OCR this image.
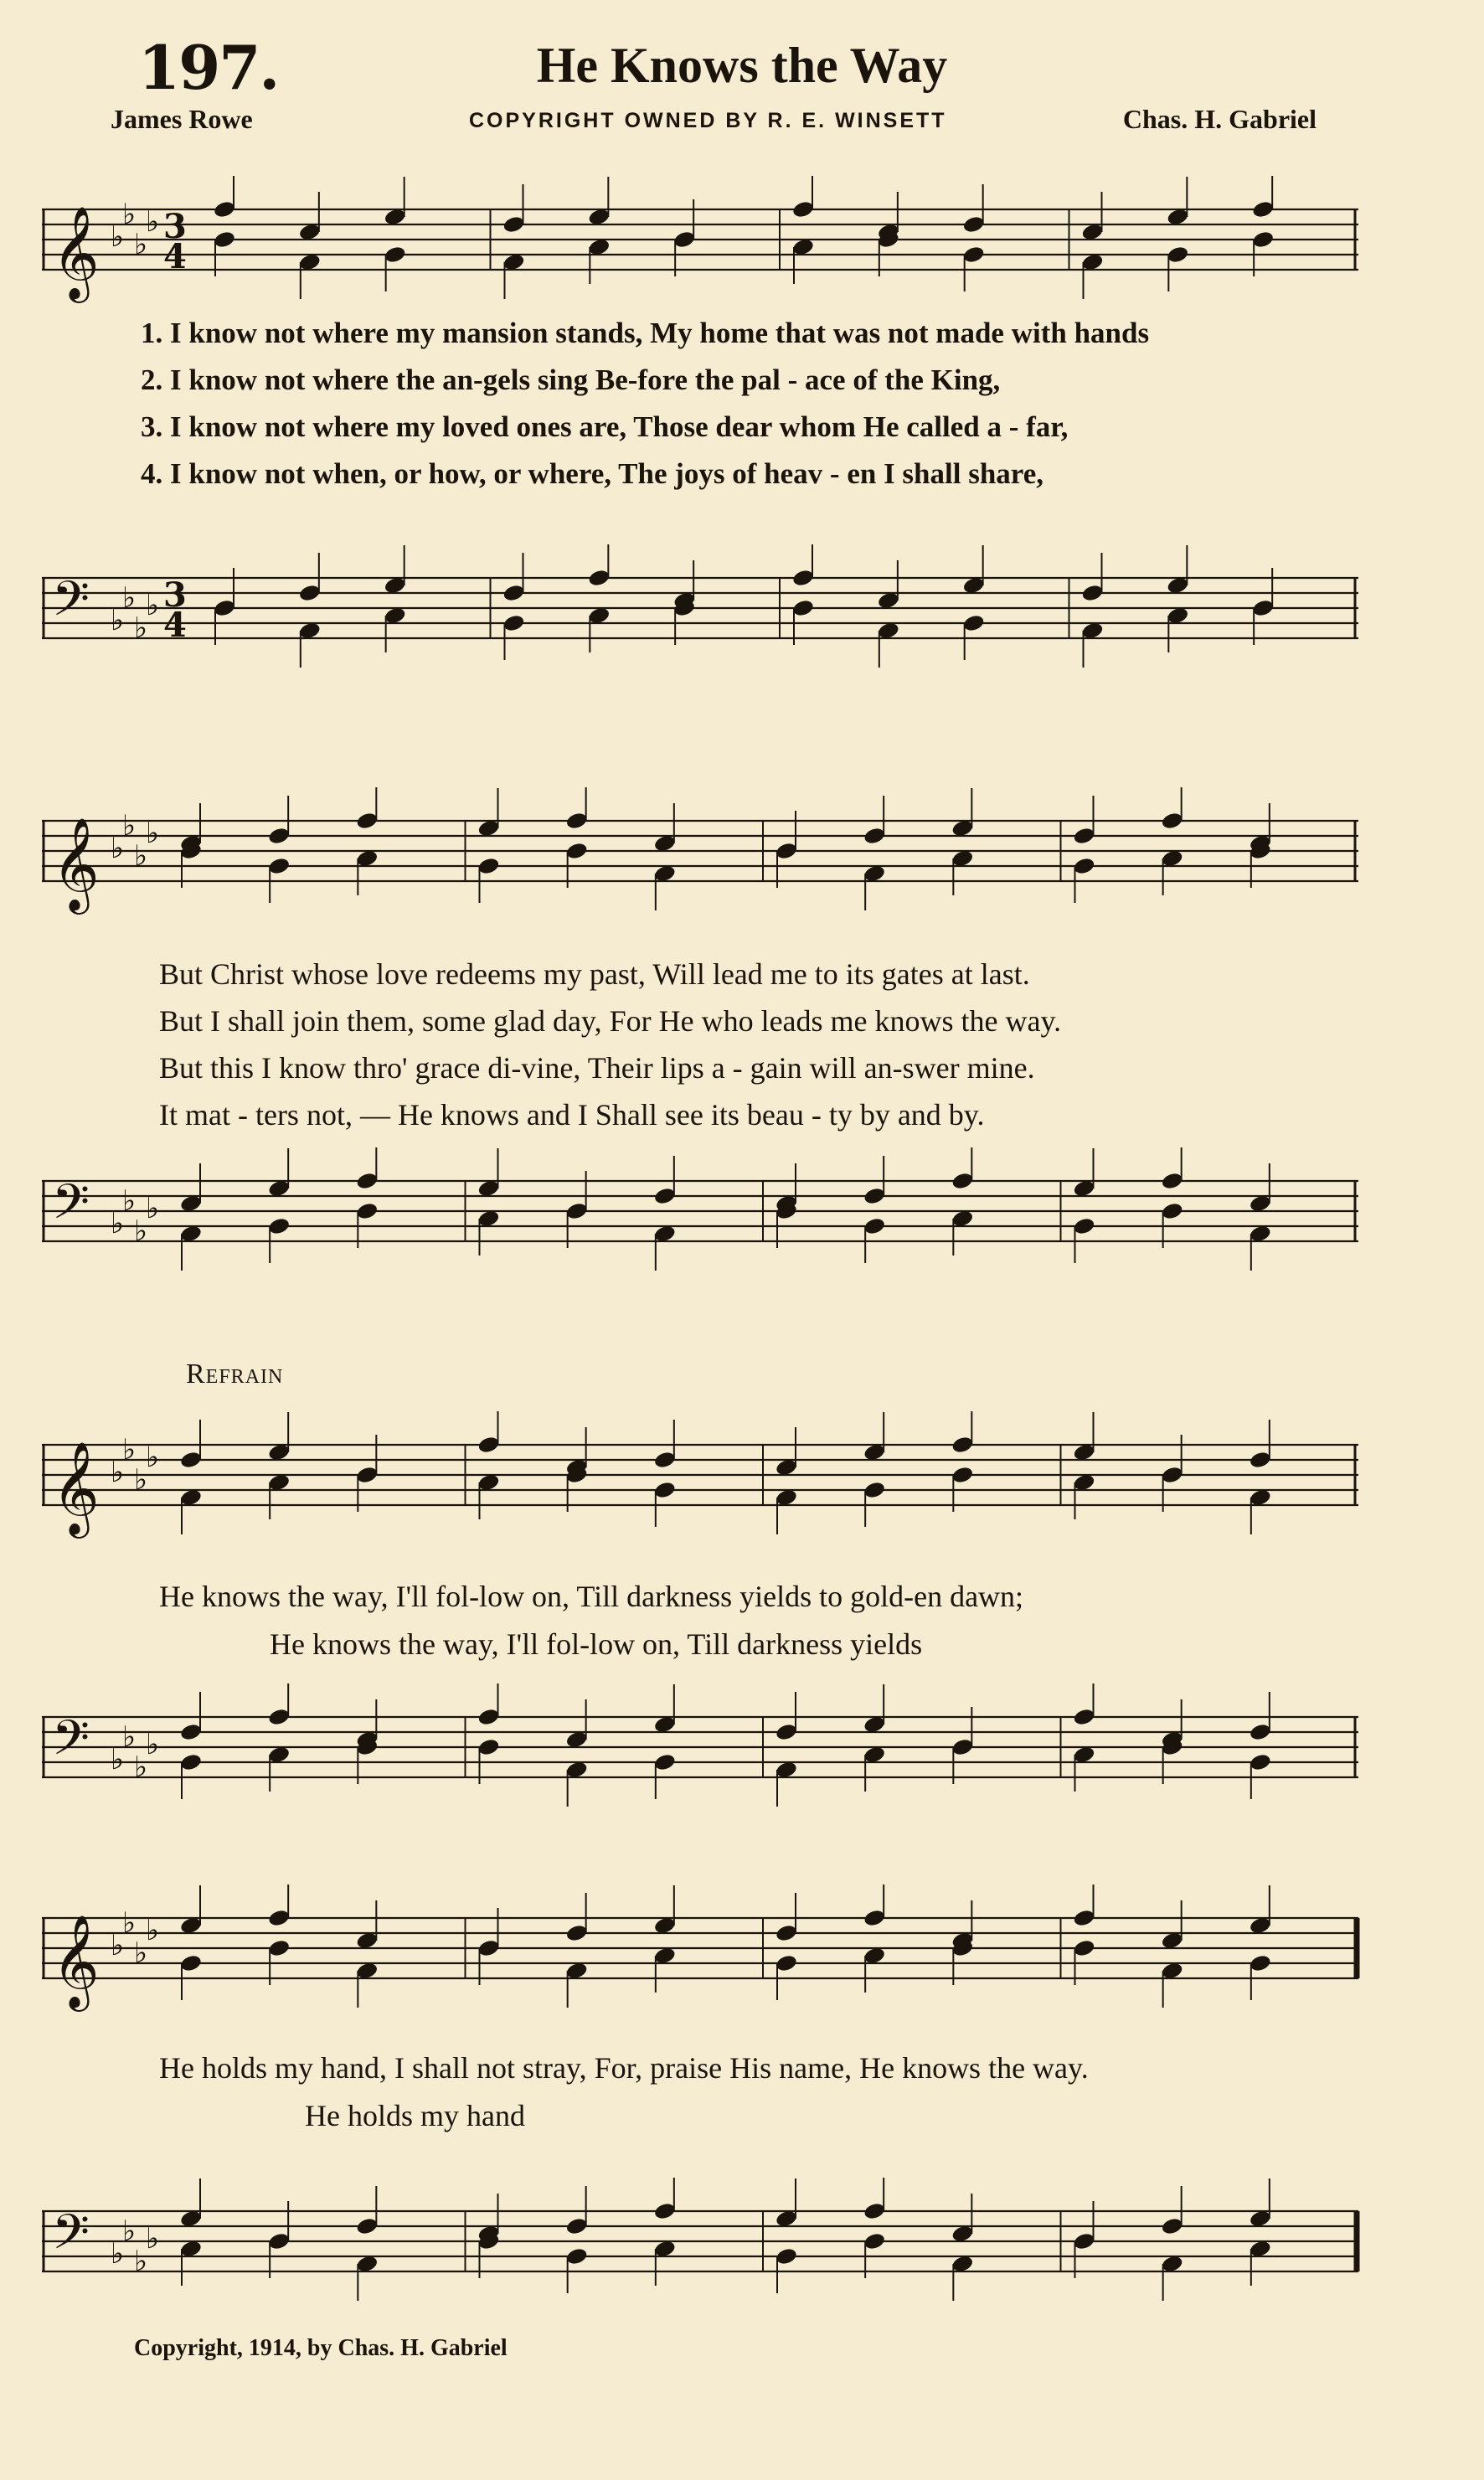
197.	He Knows the Way
James Rowe	COPYRIGHT OWNED BY R. E. WINSETT	Chas. H. Gabriel
𝄞 ♭
♭
♭
♭ 3
4
1. I know not where my mansion stands, My home that was not made with hands
2. I know not where the an-gels sing Be-fore the pal - ace of the King,
3. I know not where my loved ones are, Those dear whom He called a - far,
4. I know not when, or how, or where, The joys of heav - en I shall share,
𝄢 ♭
♭
♭
♭ 3
4
𝄞 ♭
♭
♭
♭
But Christ whose love redeems my past, Will lead me to its gates at last.
But I shall join them, some glad day, For He who leads me knows the way.
But this I know thro' grace di-vine, Their lips a - gain will an-swer mine.
It mat - ters not, — He knows and I Shall see its beau - ty by and by.
𝄢 ♭
♭
♭
♭
Refrain
𝄞 ♭
♭
♭
♭
He knows the way, I'll fol-low on, Till darkness yields to gold-en dawn;
He knows the way, I'll fol-low on, Till darkness yields
𝄢 ♭
♭
♭
♭
𝄞 ♭
♭
♭
♭
He holds my hand, I shall not stray, For, praise His name, He knows the way.
He holds my hand
𝄢 ♭
♭
♭
♭
Copyright, 1914, by Chas. H. Gabriel
